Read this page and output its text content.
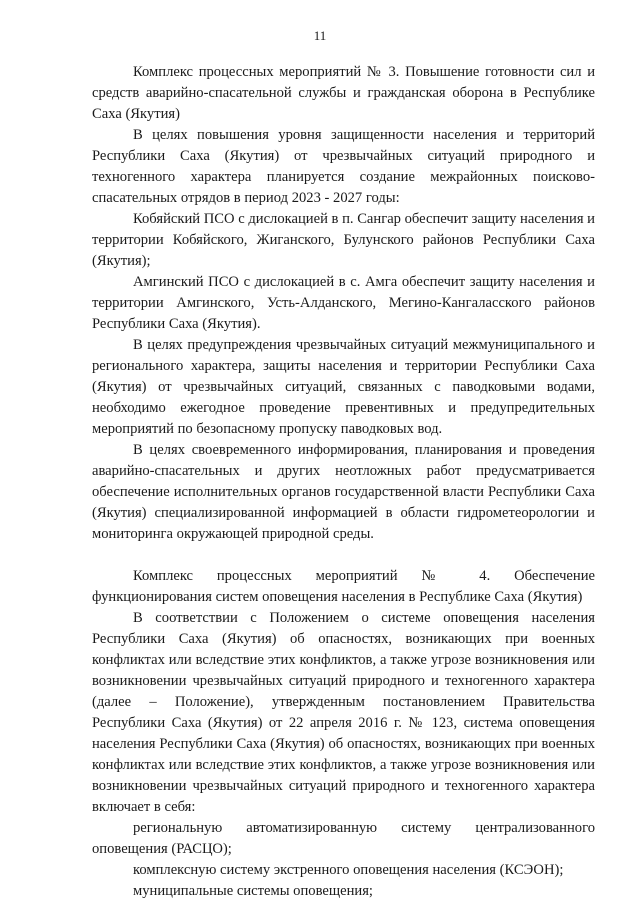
11

Комплекс процессных мероприятий № 3. Повышение готовности сил и средств аварийно-спасательной службы и гражданская оборона в Республике Саха (Якутия)

В целях повышения уровня защищенности населения и территорий Республики Саха (Якутия) от чрезвычайных ситуаций природного и техногенного характера планируется создание межрайонных поисково-спасательных отрядов в период 2023 - 2027 годы:

Кобяйский ПСО с дислокацией в п. Сангар обеспечит защиту населения и территории Кобяйского, Жиганского, Булунского районов Республики Саха (Якутия);

Амгинский ПСО с дислокацией в с. Амга обеспечит защиту населения и территории Амгинского, Усть-Алданского, Мегино-Кангаласского районов Республики Саха (Якутия).

В целях предупреждения чрезвычайных ситуаций межмуниципального и регионального характера, защиты населения и территории Республики Саха (Якутия) от чрезвычайных ситуаций, связанных с паводковыми водами, необходимо ежегодное проведение превентивных и предупредительных мероприятий по безопасному пропуску паводковых вод.

В целях своевременного информирования, планирования и проведения аварийно-спасательных и других неотложных работ предусматривается обеспечение исполнительных органов государственной власти Республики Саха (Якутия) специализированной информацией в области гидрометеорологии и мониторинга окружающей природной среды.

Комплекс процессных мероприятий № 4. Обеспечение функционирования систем оповещения населения в Республике Саха (Якутия)

В соответствии с Положением о системе оповещения населения Республики Саха (Якутия) об опасностях, возникающих при военных конфликтах или вследствие этих конфликтов, а также угрозе возникновения или возникновении чрезвычайных ситуаций природного и техногенного характера (далее – Положение), утвержденным постановлением Правительства Республики Саха (Якутия) от 22 апреля 2016 г. № 123, система оповещения населения Республики Саха (Якутия) об опасностях, возникающих при военных конфликтах или вследствие этих конфликтов, а также угрозе возникновения или возникновении чрезвычайных ситуаций природного и техногенного характера включает в себя:

региональную автоматизированную систему централизованного оповещения (РАСЦО);

комплексную систему экстренного оповещения населения (КСЭОН);

муниципальные системы оповещения;
